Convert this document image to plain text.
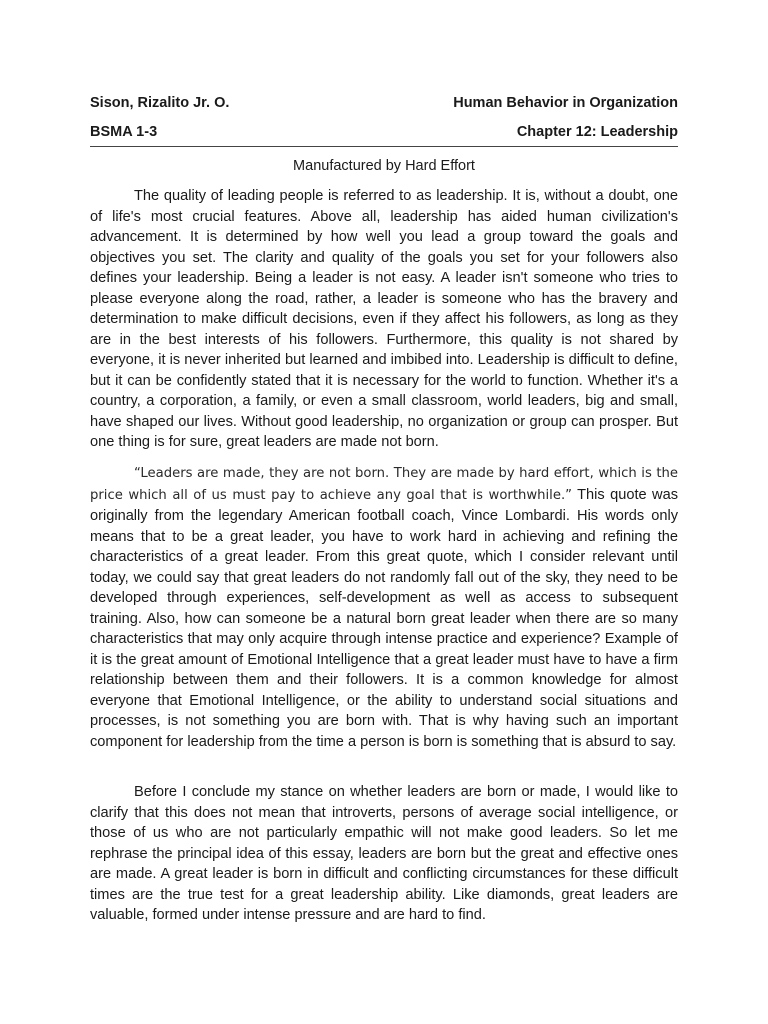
Sison, Rizalito Jr. O.	Human Behavior in Organization
BSMA 1-3	Chapter 12: Leadership
Manufactured by Hard Effort

The quality of leading people is referred to as leadership. It is, without a doubt, one of life's most crucial features. Above all, leadership has aided human civilization's advancement. It is determined by how well you lead a group toward the goals and objectives you set. The clarity and quality of the goals you set for your followers also defines your leadership. Being a leader is not easy. A leader isn't someone who tries to please everyone along the road, rather, a leader is someone who has the bravery and determination to make difficult decisions, even if they affect his followers, as long as they are in the best interests of his followers. Furthermore, this quality is not shared by everyone, it is never inherited but learned and imbibed into. Leadership is difficult to define, but it can be confidently stated that it is necessary for the world to function. Whether it's a country, a corporation, a family, or even a small classroom, world leaders, big and small, have shaped our lives. Without good leadership, no organization or group can prosper. But one thing is for sure, great leaders are made not born.

“Leaders are made, they are not born. They are made by hard effort, which is the price which all of us must pay to achieve any goal that is worthwhile.” This quote was originally from the legendary American football coach, Vince Lombardi. His words only means that to be a great leader, you have to work hard in achieving and refining the characteristics of a great leader. From this great quote, which I consider relevant until today, we could say that great leaders do not randomly fall out of the sky, they need to be developed through experiences, self-development as well as access to subsequent training. Also, how can someone be a natural born great leader when there are so many characteristics that may only acquire through intense practice and experience? Example of it is the great amount of Emotional Intelligence that a great leader must have to have a firm relationship between them and their followers. It is a common knowledge for almost everyone that Emotional Intelligence, or the ability to understand social situations and processes, is not something you are born with. That is why having such an important component for leadership from the time a person is born is something that is absurd to say.

Before I conclude my stance on whether leaders are born or made, I would like to clarify that this does not mean that introverts, persons of average social intelligence, or those of us who are not particularly empathic will not make good leaders. So let me rephrase the principal idea of this essay, leaders are born but the great and effective ones are made. A great leader is born in difficult and conflicting circumstances for these difficult times are the true test for a great leadership ability. Like diamonds, great leaders are valuable, formed under intense pressure and are hard to find.
